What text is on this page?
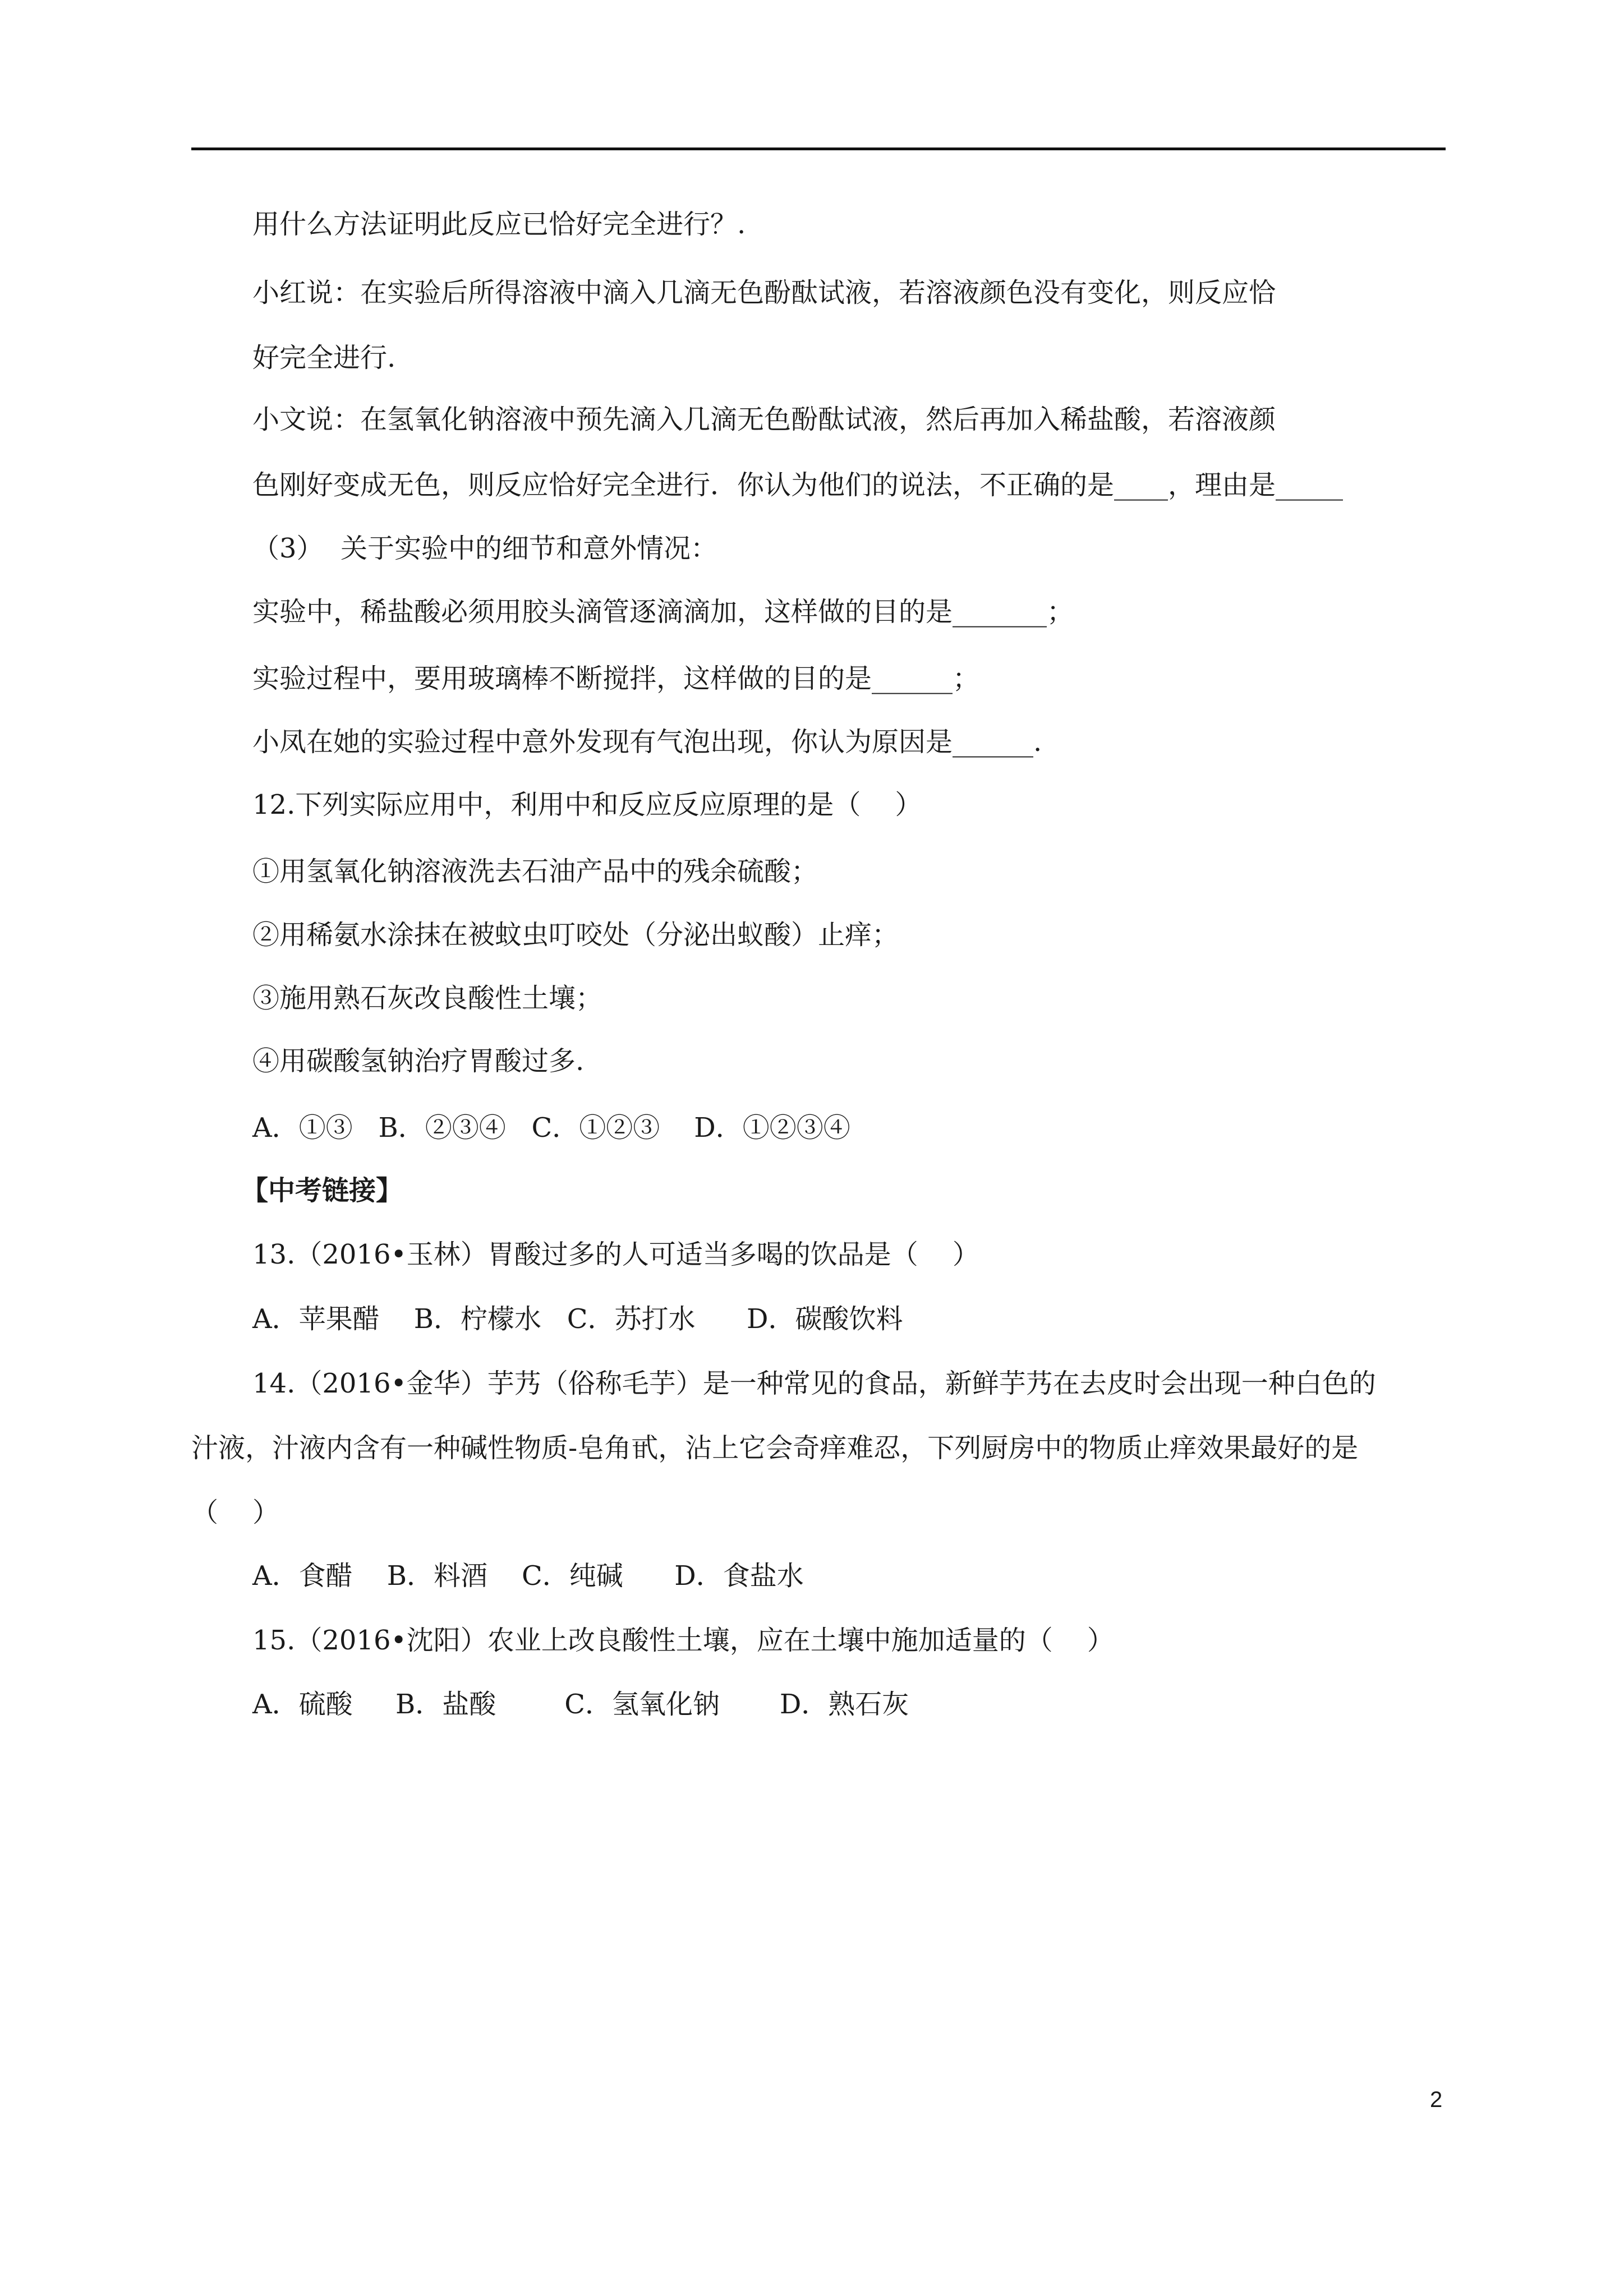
用什么方法证明此反应已恰好完全进行？.
小红说：在实验后所得溶液中滴入几滴无色酚酞试液，若溶液颜色没有变化，则反应恰
好完全进行.
小文说：在氢氧化钠溶液中预先滴入几滴无色酚酞试液，然后再加入稀盐酸，若溶液颜
色刚好变成无色，则反应恰好完全进行．你认为他们的说法，不正确的是____，理由是_____
（3）  关于实验中的细节和意外情况：
实验中，稀盐酸必须用胶头滴管逐滴滴加，这样做的目的是_______；
实验过程中，要用玻璃棒不断搅拌，这样做的目的是______；
小凤在她的实验过程中意外发现有气泡出现，你认为原因是______.
12.下列实际应用中，利用中和反应反应原理的是（    ）
①用氢氧化钠溶液洗去石油产品中的残余硫酸；
②用稀氨水涂抹在被蚊虫叮咬处（分泌出蚁酸）止痒；
③施用熟石灰改良酸性土壤；
④用碳酸氢钠治疗胃酸过多.
A．①③   B．②③④   C．①②③    D．①②③④
【中考链接】
13.（2016•玉林）胃酸过多的人可适当多喝的饮品是（    ）
A．苹果醋    B．柠檬水   C．苏打水      D．碳酸饮料
14.（2016•金华）芋艿（俗称毛芋）是一种常见的食品，新鲜芋艿在去皮时会出现一种白色的
汁液，汁液内含有一种碱性物质-皂角甙，沾上它会奇痒难忍，下列厨房中的物质止痒效果最好的是
（    ）
A．食醋    B．料酒    C．纯碱      D．食盐水
15.（2016•沈阳）农业上改良酸性土壤，应在土壤中施加适量的（    ）
A．硫酸     B．盐酸        C．氢氧化钠       D．熟石灰
2
